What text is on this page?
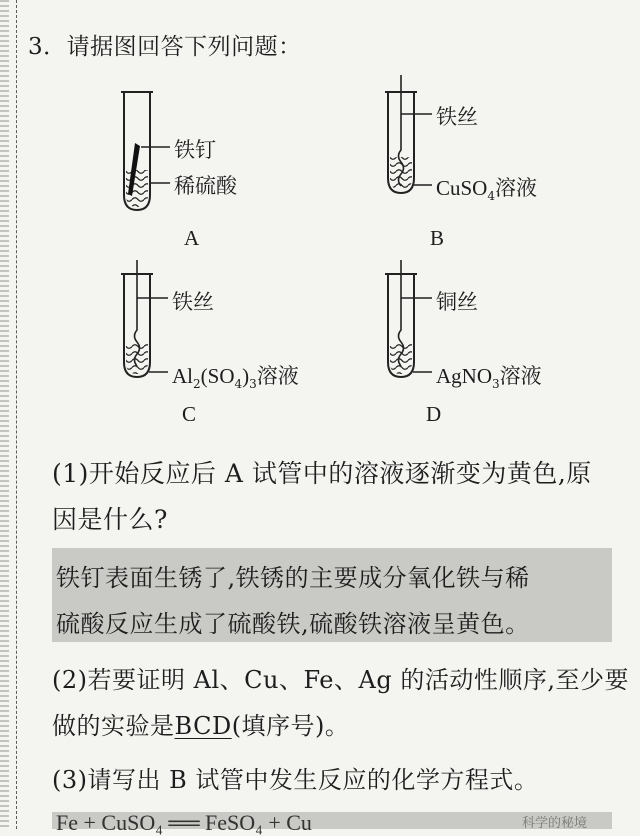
3．请据图回答下列问题：
铁钉
稀硫酸
A
铁丝
CuSO$_4$溶液
B
铁丝
$Al_2(SO_4)_3$溶液
C
铜丝
AgNO$_3$溶液
D
(1)开始反应后 A 试管中的溶液逐渐变为黄色,原
因是什么?
铁钉表面生锈了,铁锈的主要成分氧化铁与稀
硫酸反应生成了硫酸铁,硫酸铁溶液呈黄色。
(2)若要证明 Al、Cu、Fe、Ag 的活动性顺序,至少要
做的实验是BCD(填序号)。
(3)请写出 B 试管中发生反应的化学方程式。
Fe + CuSO₄ ══ FeSO₄ + Cu	科学的秘境
